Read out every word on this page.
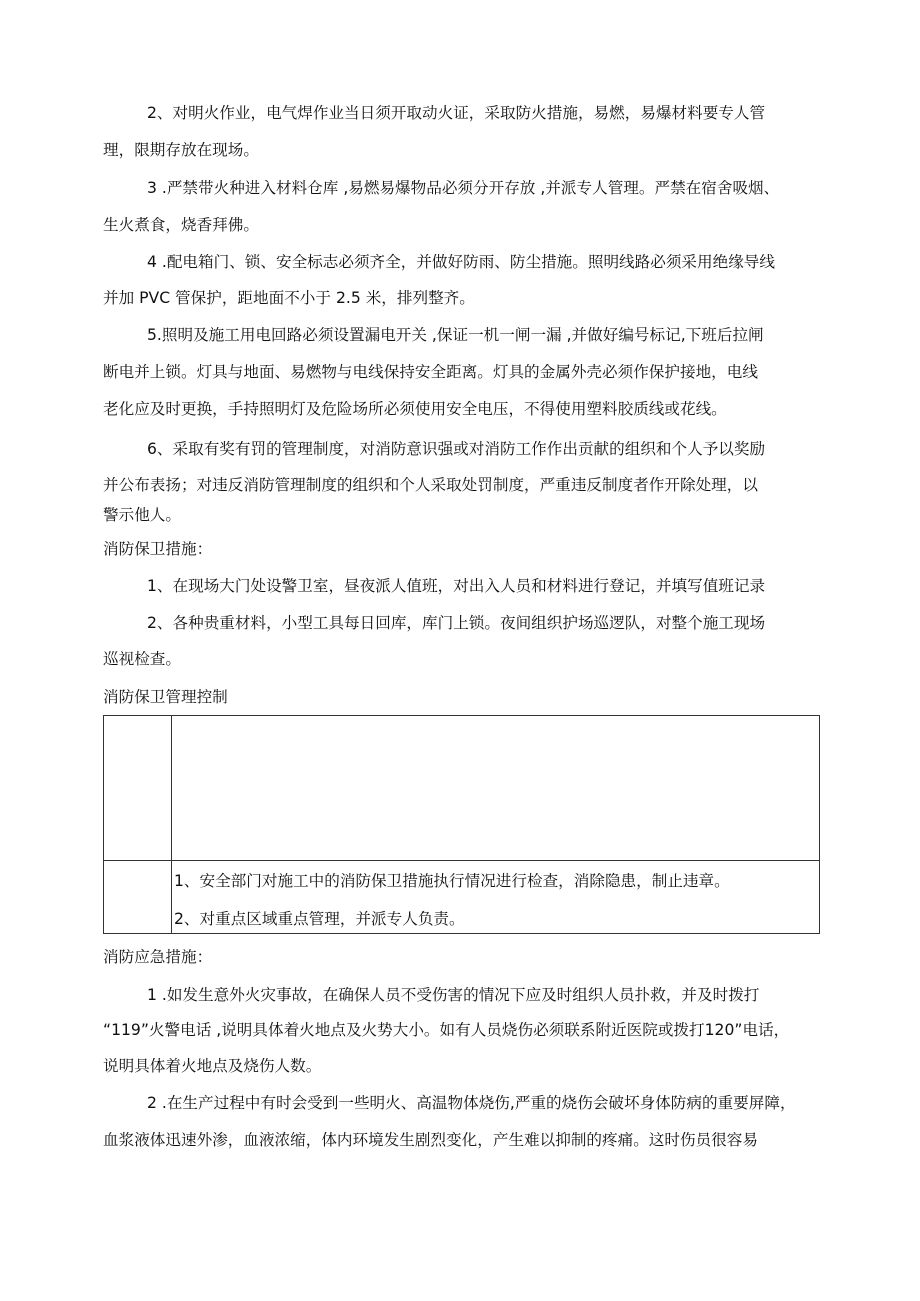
2、对明火作业，电气焊作业当日须开取动火证，采取防火措施，易燃，易爆材料要专人管
理，限期存放在现场。
3 .严禁带火种进入材料仓库 ,易燃易爆物品必须分开存放 ,并派专人管理。严禁在宿舍吸烟、
生火煮食，烧香拜佛。
4 .配电箱门、锁、安全标志必须齐全，并做好防雨、防尘措施。照明线路必须采用绝缘导线
并加 PVC 管保护，距地面不小于 2.5 米，排列整齐。
5.照明及施工用电回路必须设置漏电开关 ,保证一机一闸一漏 ,并做好编号标记,下班后拉闸
断电并上锁。灯具与地面、易燃物与电线保持安全距离。灯具的金属外壳必须作保护接地，电线
老化应及时更换，手持照明灯及危险场所必须使用安全电压，不得使用塑料胶质线或花线。
6、采取有奖有罚的管理制度，对消防意识强或对消防工作作出贡献的组织和个人予以奖励
并公布表扬；对违反消防管理制度的组织和个人采取处罚制度，严重违反制度者作开除处理，以
警示他人。
消防保卫措施：
1、在现场大门处设警卫室，昼夜派人值班，对出入人员和材料进行登记，并填写值班记录
2、各种贵重材料，小型工具每日回库，库门上锁。夜间组织护场巡逻队，对整个施工现场
巡视检查。
消防保卫管理控制
1、安全部门对施工中的消防保卫措施执行情况进行检查，消除隐患，制止违章。
2、对重点区域重点管理，并派专人负责。
消防应急措施：
1 .如发生意外火灾事故，在确保人员不受伤害的情况下应及时组织人员扑救，并及时拨打
“119”火警电话 ,说明具体着火地点及火势大小。如有人员烧伤必须联系附近医院或拨打120”电话，
说明具体着火地点及烧伤人数。
2 .在生产过程中有时会受到一些明火、高温物体烧伤,严重的烧伤会破坏身体防病的重要屏障，
血浆液体迅速外渗，血液浓缩，体内环境发生剧烈变化，产生难以抑制的疼痛。这时伤员很容易
